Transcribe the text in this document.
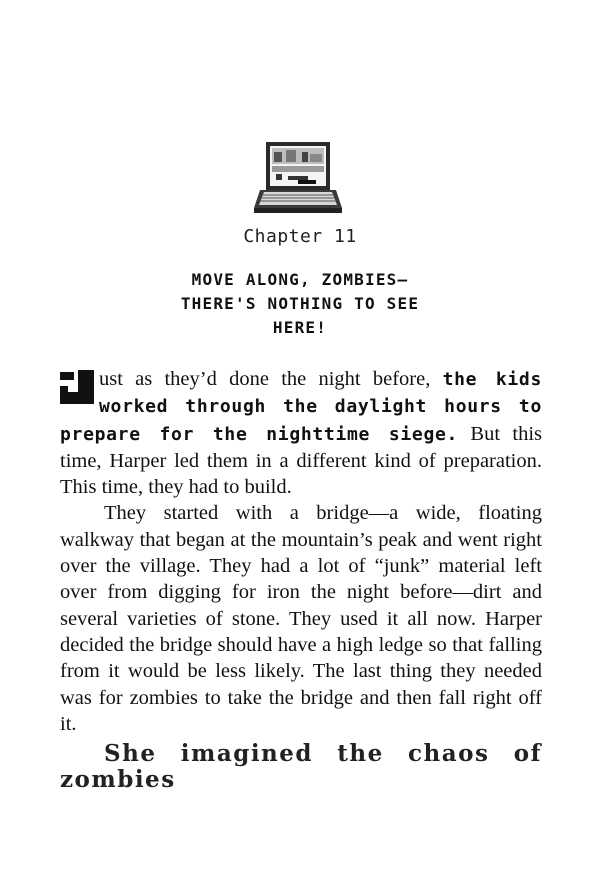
Chapter 11
MOVE ALONG, ZOMBIES—
THERE'S NOTHING TO SEE
HERE!

ust as they’d done the night before, the kids worked through the daylight hours to prepare for the nighttime siege. But this time, Harper led them in a different kind of preparation. This time, they had to build.

They started with a bridge—a wide, floating walkway that began at the mountain’s peak and went right over the village. They had a lot of “junk” material left over from digging for iron the night before—dirt and several varieties of stone. They used it all now. Harper decided the bridge should have a high ledge so that falling from it would be less likely. The last thing they needed was for zombies to take the bridge and then fall right off it.
She imagined the chaos of zombies
